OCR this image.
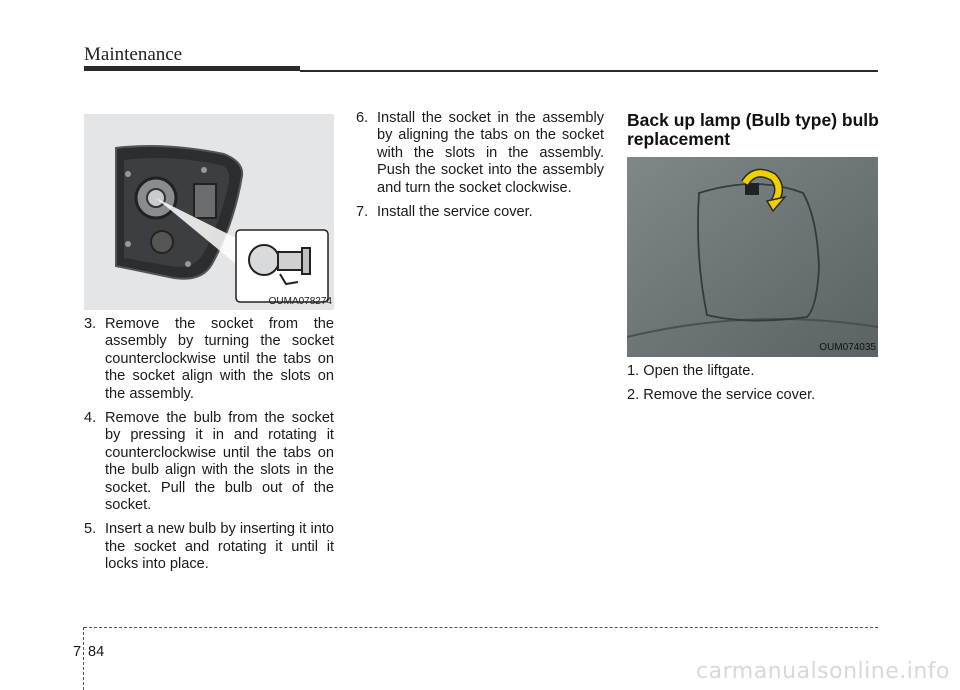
Maintenance
OUMA078274
3. Remove the socket from the assembly by turning the socket counterclockwise until the tabs on the socket align with the slots on the assembly.
4. Remove the bulb from the socket by pressing it in and rotating it counterclockwise until the tabs on the bulb align with the slots in the socket. Pull the bulb out of the socket.
5. Insert a new bulb by inserting it into the socket and rotating it until it locks into place.
6. Install the socket in the assembly by aligning the tabs on the socket with the slots in the assembly. Push the socket into the assembly and turn the socket clockwise.
7. Install the service cover.
Back up lamp (Bulb type) bulb replacement
OUM074035
1. Open the liftgate.
2. Remove the service cover.
7 84
carmanualsonline.info
